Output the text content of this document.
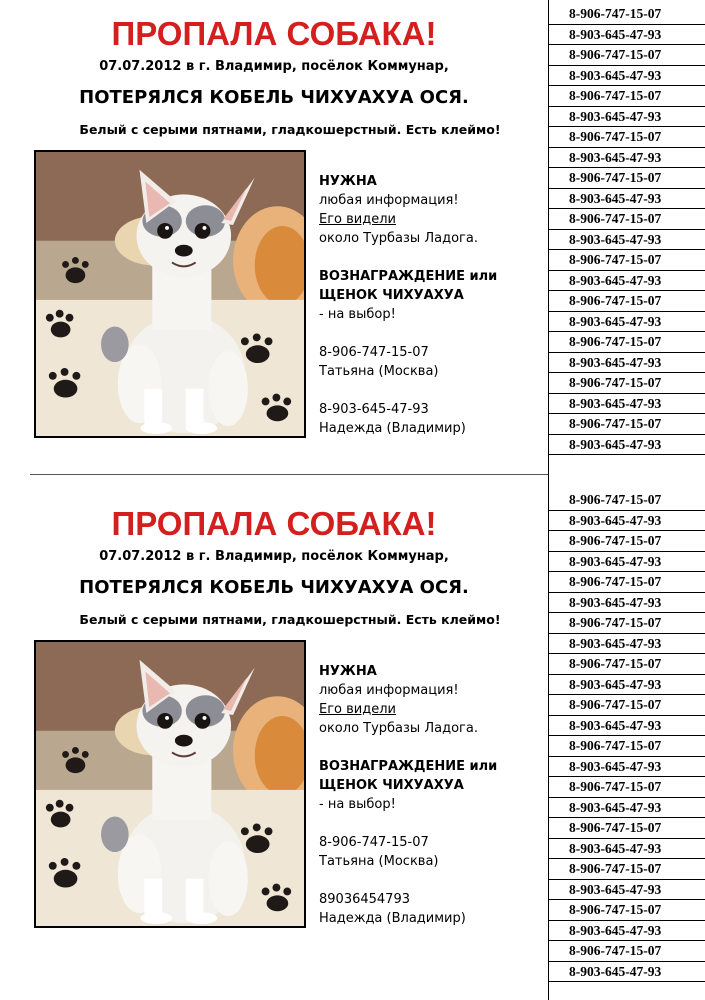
ПРОПАЛА СОБАКА!
07.07.2012 в г. Владимир, посёлок Коммунар,
ПОТЕРЯЛСЯ КОБЕЛЬ ЧИХУАХУА ОСЯ.
Белый с серыми пятнами, гладкошерстный. Есть клеймо!
НУЖНА
любая информация!
Его видели
около Турбазы Ладога.
ВОЗНАГРАЖДЕНИЕ или
ЩЕНОК ЧИХУАХУА
- на выбор!
8-906-747-15-07
Татьяна (Москва)
8-903-645-47-93
Надежда (Владимир)
ПРОПАЛА СОБАКА!
07.07.2012 в г. Владимир, посёлок Коммунар,
ПОТЕРЯЛСЯ КОБЕЛЬ ЧИХУАХУА ОСЯ.
Белый с серыми пятнами, гладкошерстный. Есть клеймо!
НУЖНА
любая информация!
Его видели
около Турбазы Ладога.
ВОЗНАГРАЖДЕНИЕ или
ЩЕНОК ЧИХУАХУА
- на выбор!
8-906-747-15-07
Татьяна (Москва)
89036454793
Надежда (Владимир)
8-906-747-15-07
8-903-645-47-93
8-906-747-15-07
8-903-645-47-93
8-906-747-15-07
8-903-645-47-93
8-906-747-15-07
8-903-645-47-93
8-906-747-15-07
8-903-645-47-93
8-906-747-15-07
8-903-645-47-93
8-906-747-15-07
8-903-645-47-93
8-906-747-15-07
8-903-645-47-93
8-906-747-15-07
8-903-645-47-93
8-906-747-15-07
8-903-645-47-93
8-906-747-15-07
8-903-645-47-93
8-906-747-15-07
8-903-645-47-93
8-906-747-15-07
8-903-645-47-93
8-906-747-15-07
8-903-645-47-93
8-906-747-15-07
8-903-645-47-93
8-906-747-15-07
8-903-645-47-93
8-906-747-15-07
8-903-645-47-93
8-906-747-15-07
8-903-645-47-93
8-906-747-15-07
8-903-645-47-93
8-906-747-15-07
8-903-645-47-93
8-906-747-15-07
8-903-645-47-93
8-906-747-15-07
8-903-645-47-93
8-906-747-15-07
8-903-645-47-93
